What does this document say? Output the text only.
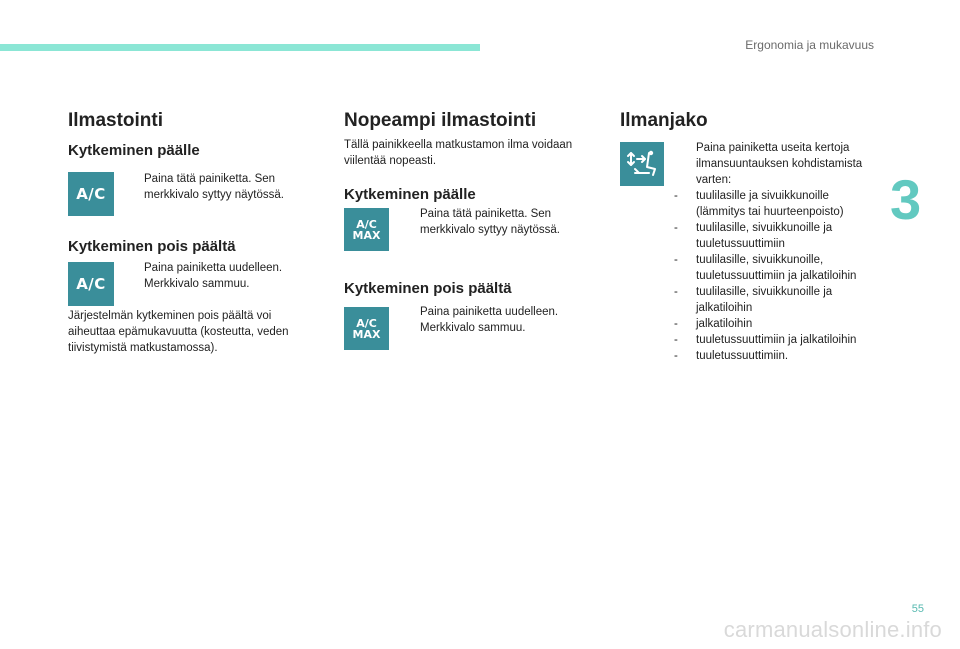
Ergonomia ja mukavuus
3
55
carmanualsonline.info
Ilmastointi
Kytkeminen päälle
A/C
Paina tätä painiketta. Sen merkkivalo syttyy näytössä.
Kytkeminen pois päältä
A/C
Paina painiketta uudelleen. Merkkivalo sammuu.

Järjestelmän kytkeminen pois päältä voi aiheuttaa epämukavuutta (kosteutta, veden tiivistymistä matkustamossa).

Nopeampi ilmastointi

Tällä painikkeella matkustamon ilma voidaan viilentää nopeasti.

Kytkeminen päälle
A/C
MAX
Paina tätä painiketta. Sen merkkivalo syttyy näytössä.
Kytkeminen pois päältä
A/C
MAX
Paina painiketta uudelleen. Merkkivalo sammuu.
Ilmanjako
Paina painiketta useita kertoja ilmansuuntauksen kohdistamista varten:
- tuulilasille ja sivuikkunoille (lämmitys tai huurteenpoisto)
- tuulilasille, sivuikkunoille ja tuuletussuuttimiin
- tuulilasille, sivuikkunoille, tuuletussuuttimiin ja jalkatiloihin
- tuulilasille, sivuikkunoille ja jalkatiloihin
- jalkatiloihin
- tuuletussuuttimiin ja jalkatiloihin
- tuuletussuuttimiin.
